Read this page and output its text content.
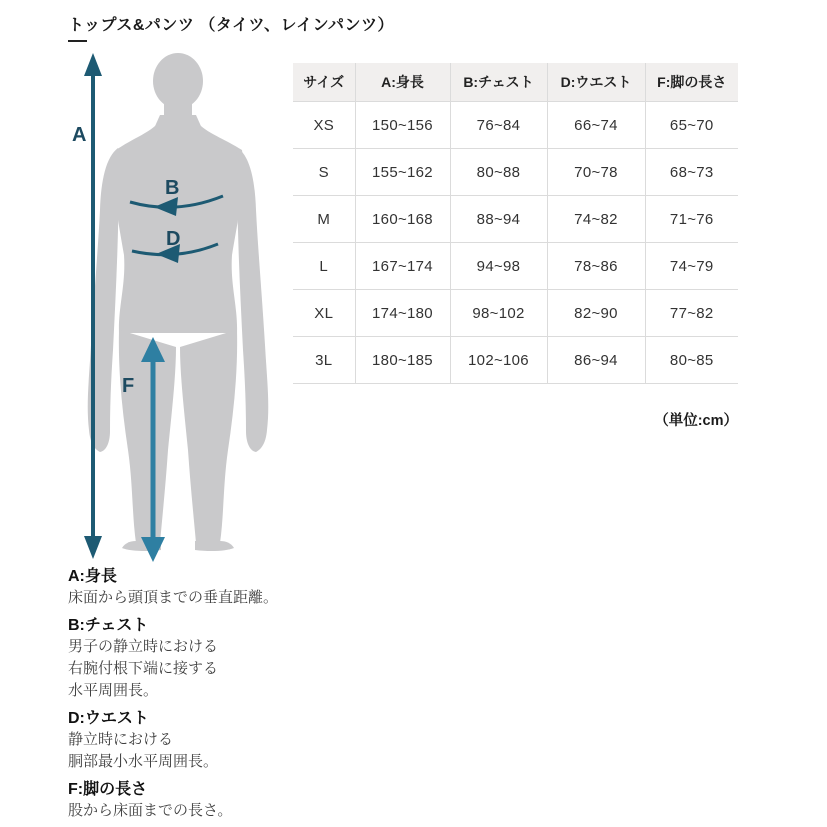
トップス&パンツ （タイツ、レインパンツ）
A
B
D
F
サイズ	A:身長	B:チェスト	D:ウエスト	F:脚の長さ
XS	150~156	76~84	66~74	65~70
S	155~162	80~88	70~78	68~73
M	160~168	88~94	74~82	71~76
L	167~174	94~98	78~86	74~79
XL	174~180	98~102	82~90	77~82
3L	180~185	102~106	86~94	80~85
（単位:cm）
A:身長
床面から頭頂までの垂直距離。
B:チェスト
男子の静立時における
右腕付根下端に接する
水平周囲長。
D:ウエスト
静立時における
胴部最小水平周囲長。
F:脚の長さ
股から床面までの長さ。
